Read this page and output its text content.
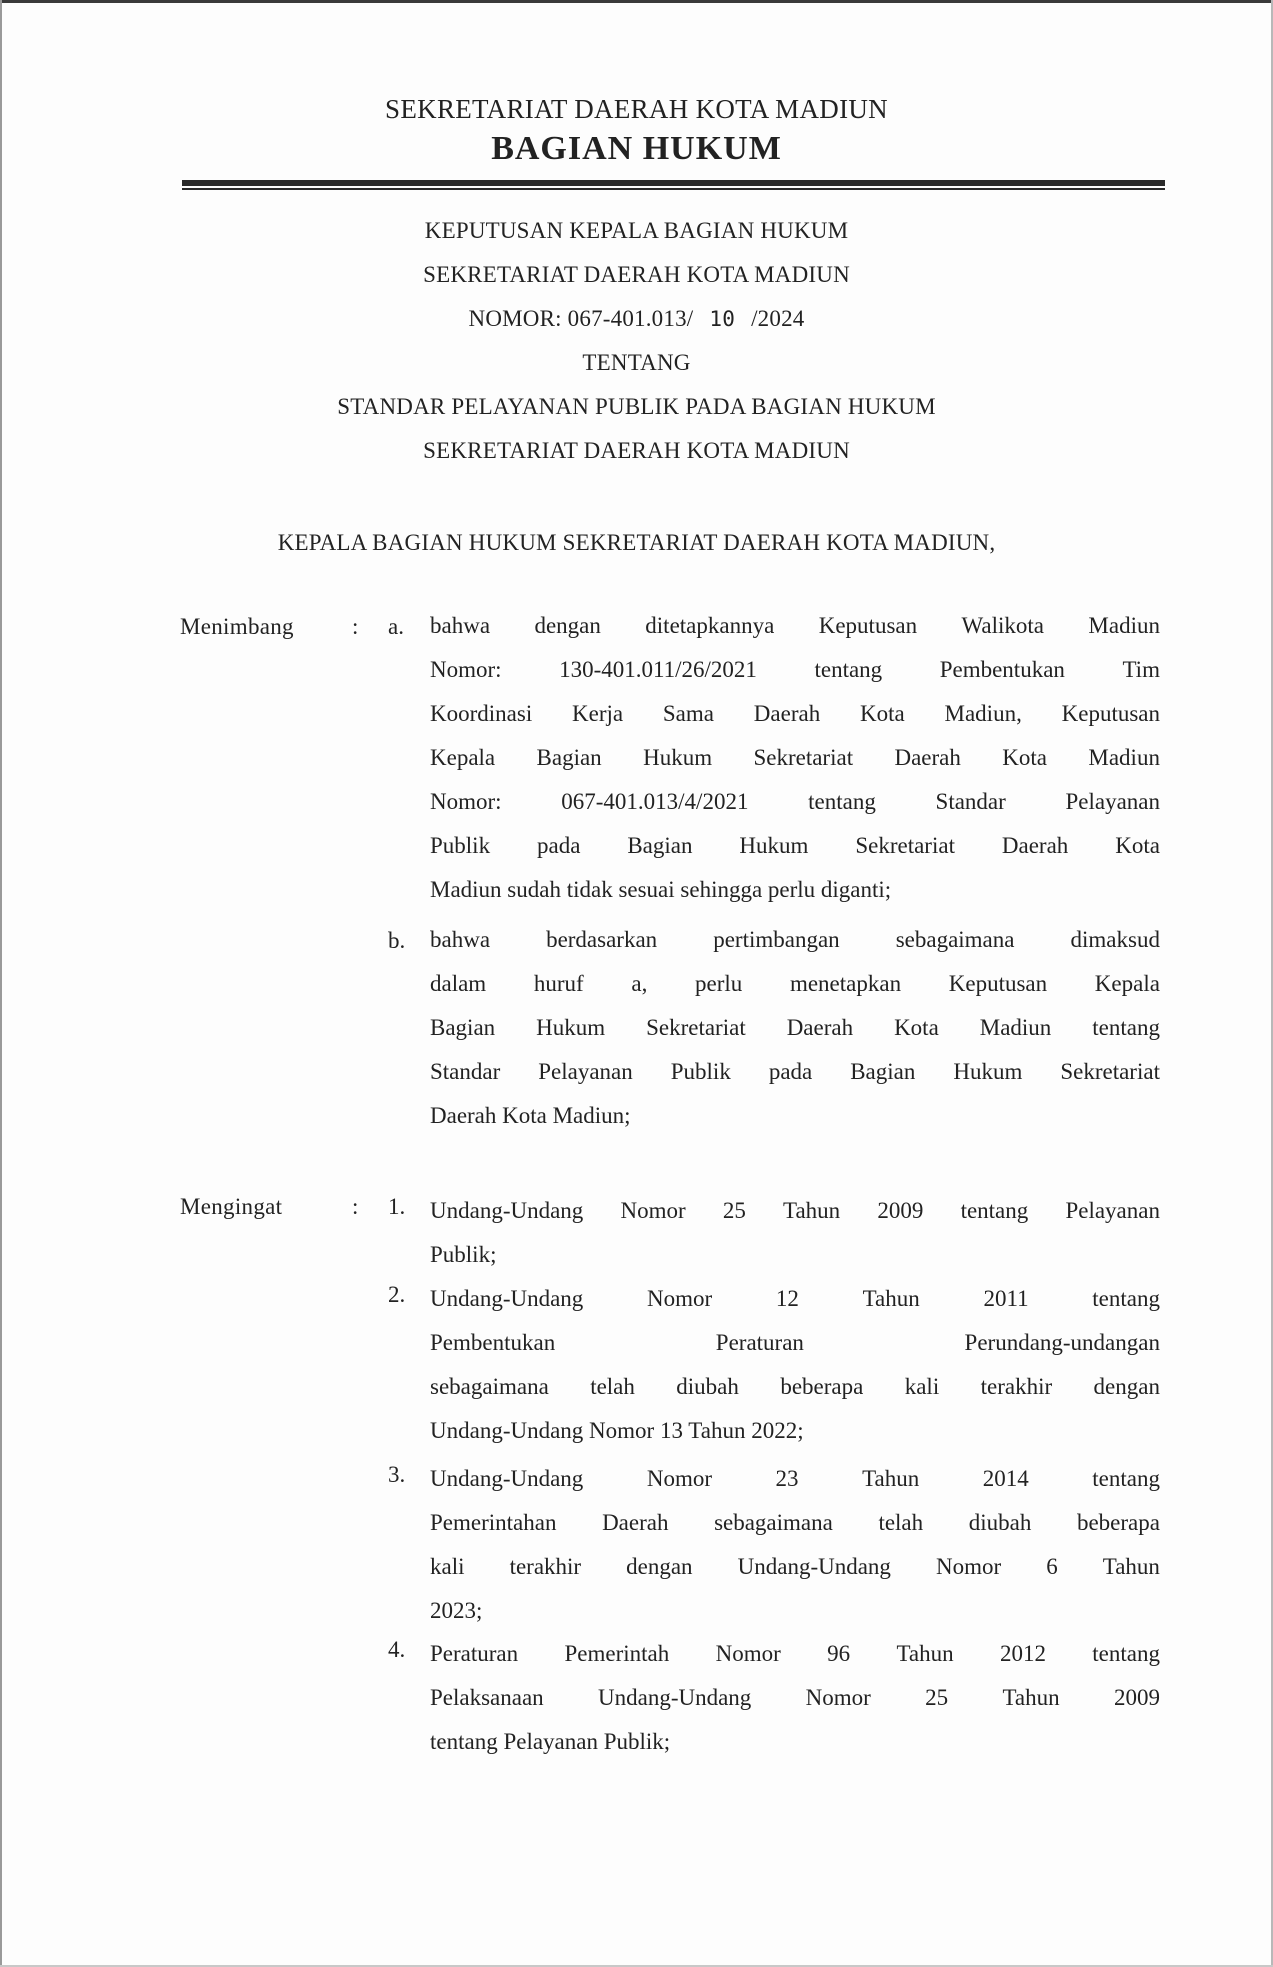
SEKRETARIAT DAERAH KOTA MADIUN
BAGIAN HUKUM
KEPUTUSAN KEPALA BAGIAN HUKUM
SEKRETARIAT DAERAH KOTA MADIUN
NOMOR: 067-401.013/ 10 /2024
TENTANG
STANDAR PELAYANAN PUBLIK PADA BAGIAN HUKUM
SEKRETARIAT DAERAH KOTA MADIUN
KEPALA BAGIAN HUKUM SEKRETARIAT DAERAH KOTA MADIUN,
Menimbang	: a. bahwa dengan ditetapkannya Keputusan Walikota Madiun
Nomor:	130-401.011/26/2021	tentang	Pembentukan	Tim
Koordinasi Kerja Sama Daerah Kota Madiun, Keputusan
Kepala Bagian Hukum Sekretariat Daerah Kota Madiun
Nomor:	067-401.013/4/2021	tentang	Standar	Pelayanan
Publik pada Bagian Hukum Sekretariat Daerah Kota
Madiun sudah tidak sesuai sehingga perlu diganti;
b. bahwa berdasarkan pertimbangan sebagaimana dimaksud
dalam huruf a, perlu menetapkan Keputusan Kepala
Bagian Hukum Sekretariat Daerah Kota Madiun tentang
Standar Pelayanan Publik pada Bagian Hukum Sekretariat
Daerah Kota Madiun;
Mengingat	: 1. Undang-Undang Nomor 25 Tahun 2009 tentang Pelayanan
Publik;
2. Undang-Undang	Nomor	12	Tahun	2011	tentang
Pembentukan	Peraturan	Perundang-undangan
sebagaimana telah diubah beberapa kali terakhir dengan
Undang-Undang Nomor 13 Tahun 2022;
3. Undang-Undang	Nomor	23	Tahun	2014	tentang
Pemerintahan Daerah sebagaimana telah diubah beberapa
kali terakhir dengan Undang-Undang Nomor 6 Tahun
2023;
4. Peraturan Pemerintah Nomor 96 Tahun 2012 tentang
Pelaksanaan Undang-Undang Nomor 25 Tahun 2009
tentang Pelayanan Publik;
